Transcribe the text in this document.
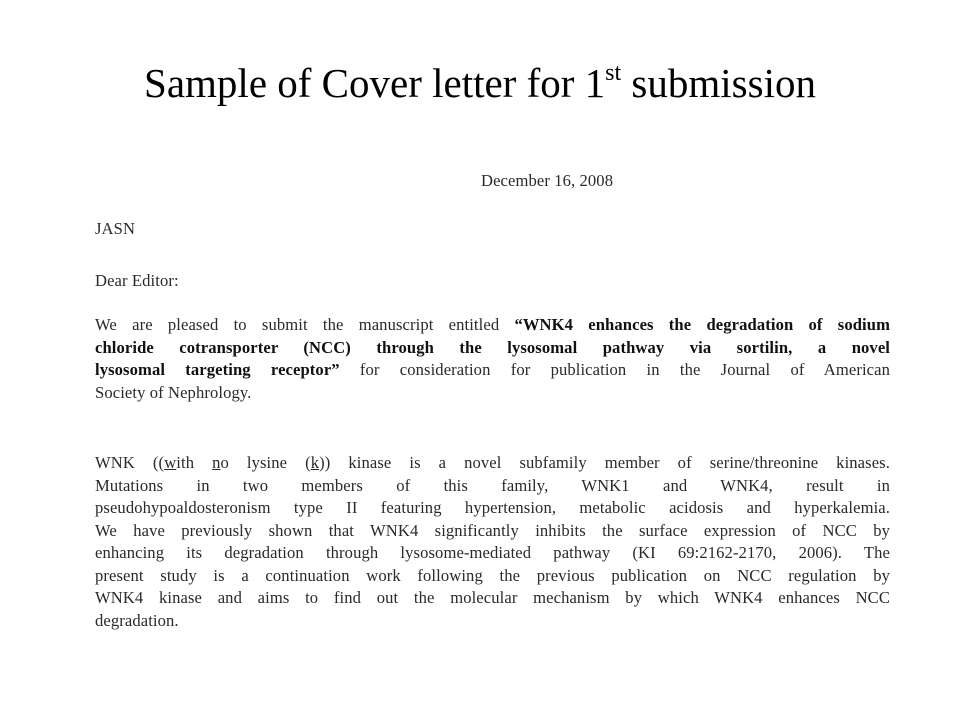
Sample of Cover letter for 1st submission
December 16, 2008
JASN
Dear Editor:
We are pleased to submit the manuscript entitled “WNK4 enhances the degradation of sodium
chloride cotransporter (NCC) through the lysosomal pathway via sortilin, a novel
lysosomal targeting receptor” for consideration for publication in the Journal of American
Society of Nephrology.
WNK ((with no lysine (k)) kinase is a novel subfamily member of serine/threonine kinases.
Mutations in two members of this family, WNK1 and WNK4, result in
pseudohypoaldosteronism type II featuring hypertension, metabolic acidosis and hyperkalemia.
We have previously shown that WNK4 significantly inhibits the surface expression of NCC by
enhancing its degradation through lysosome-mediated pathway (KI 69:2162-2170, 2006). The
present study is a continuation work following the previous publication on NCC regulation by
WNK4 kinase and aims to find out the molecular mechanism by which WNK4 enhances NCC
degradation.
